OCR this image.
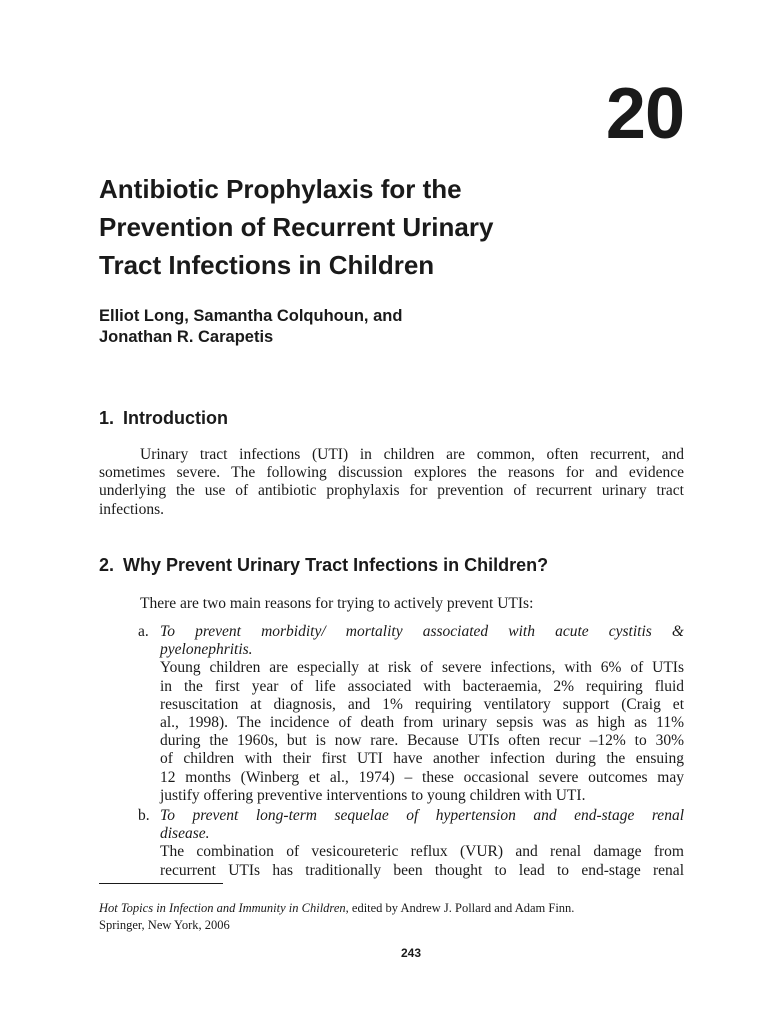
20
Antibiotic Prophylaxis for the
Prevention of Recurrent Urinary
Tract Infections in Children
Elliot Long, Samantha Colquhoun, and
Jonathan R. Carapetis
1. Introduction
Urinary tract infections (UTI) in children are common, often recurrent, and
sometimes severe. The following discussion explores the reasons for and evidence
underlying the use of antibiotic prophylaxis for prevention of recurrent urinary tract
infections.
2. Why Prevent Urinary Tract Infections in Children?
There are two main reasons for trying to actively prevent UTIs:
a. To prevent morbidity/ mortality associated with acute cystitis &
pyelonephritis.
Young children are especially at risk of severe infections, with 6% of UTIs
in the first year of life associated with bacteraemia, 2% requiring fluid
resuscitation at diagnosis, and 1% requiring ventilatory support (Craig et
al., 1998). The incidence of death from urinary sepsis was as high as 11%
during the 1960s, but is now rare. Because UTIs often recur –12% to 30%
of children with their first UTI have another infection during the ensuing
12 months (Winberg et al., 1974) – these occasional severe outcomes may
justify offering preventive interventions to young children with UTI.
b. To prevent long-term sequelae of hypertension and end-stage renal
disease.
The combination of vesicoureteric reflux (VUR) and renal damage from
recurrent UTIs has traditionally been thought to lead to end-stage renal
Hot Topics in Infection and Immunity in Children, edited by Andrew J. Pollard and Adam Finn.
Springer, New York, 2006
243
